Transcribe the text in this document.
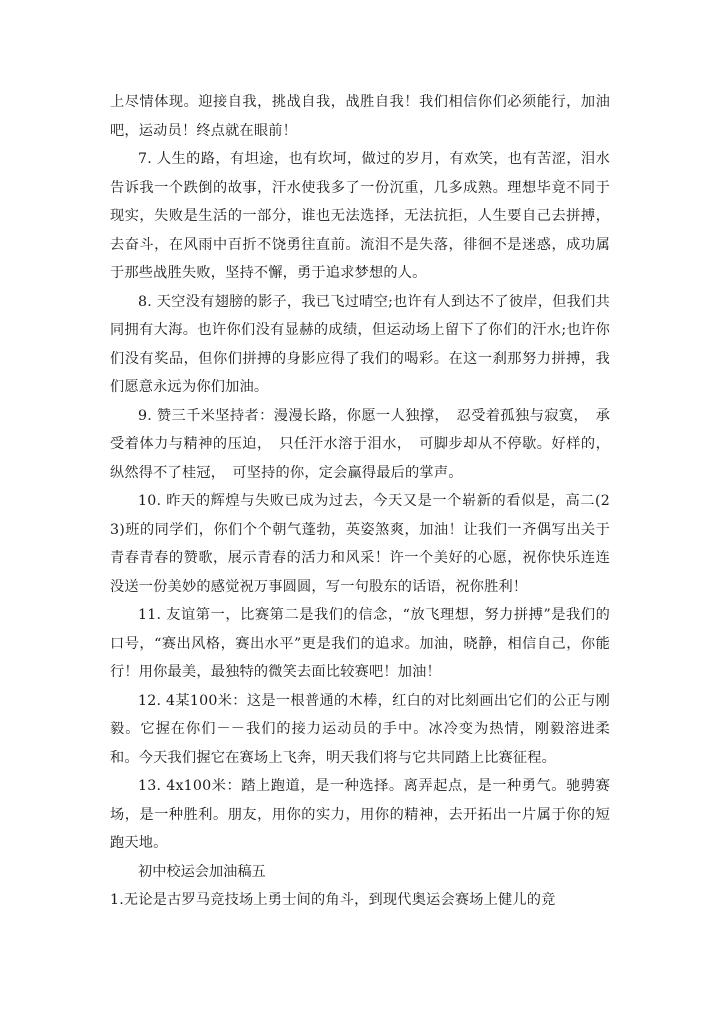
上尽情体现。迎接自我，挑战自我，战胜自我！我们相信你们必须能行，加油吧，运动员！终点就在眼前！

7. 人生的路，有坦途，也有坎坷，做过的岁月，有欢笑，也有苦涩，泪水告诉我一个跌倒的故事，汗水使我多了一份沉重，几多成熟。理想毕竟不同于现实，失败是生活的一部分，谁也无法选择，无法抗拒，人生要自己去拼搏，去奋斗，在风雨中百折不饶勇往直前。流泪不是失落，徘徊不是迷惑，成功属于那些战胜失败，坚持不懈，勇于追求梦想的人。

8. 天空没有翅膀的影子，我已飞过晴空;也许有人到达不了彼岸，但我们共同拥有大海。也许你们没有显赫的成绩，但运动场上留下了你们的汗水;也许你们没有奖品，但你们拼搏的身影应得了我们的喝彩。在这一刹那努力拼搏，我们愿意永远为你们加油。

9. 赞三千米坚持者：漫漫长路，你愿一人独撑，　忍受着孤独与寂寞，　承受着体力与精神的压迫，　只任汗水溶于泪水，　可脚步却从不停歇。好样的，纵然得不了桂冠，　可坚持的你，定会赢得最后的掌声。

10. 昨天的辉煌与失败已成为过去，今天又是一个崭新的看似是，高二(23)班的同学们，你们个个朝气蓬勃，英姿煞爽，加油！让我们一齐偶写出关于青春青春的赞歌，展示青春的活力和风采！许一个美好的心愿，祝你快乐连连没送一份美妙的感觉祝万事圆圆，写一句股东的话语，祝你胜利！

11. 友谊第一，比赛第二是我们的信念，“放飞理想，努力拼搏”是我们的口号，“赛出风格，赛出水平”更是我们的追求。加油，晓静，相信自己，你能行！用你最美，最独特的微笑去面比较赛吧！加油！

12. 4某100米：这是一根普通的木棒，红白的对比刻画出它们的公正与刚毅。它握在你们－－我们的接力运动员的手中。冰冷变为热情，刚毅溶进柔和。今天我们握它在赛场上飞奔，明天我们将与它共同踏上比赛征程。

13. 4x100米：踏上跑道，是一种选择。离弄起点，是一种勇气。驰骋赛场，是一种胜利。朋友，用你的实力，用你的精神，去开拓出一片属于你的短跑天地。

初中校运会加油稿五

1.无论是古罗马竞技场上勇士间的角斗，到现代奥运会赛场上健儿的竞
